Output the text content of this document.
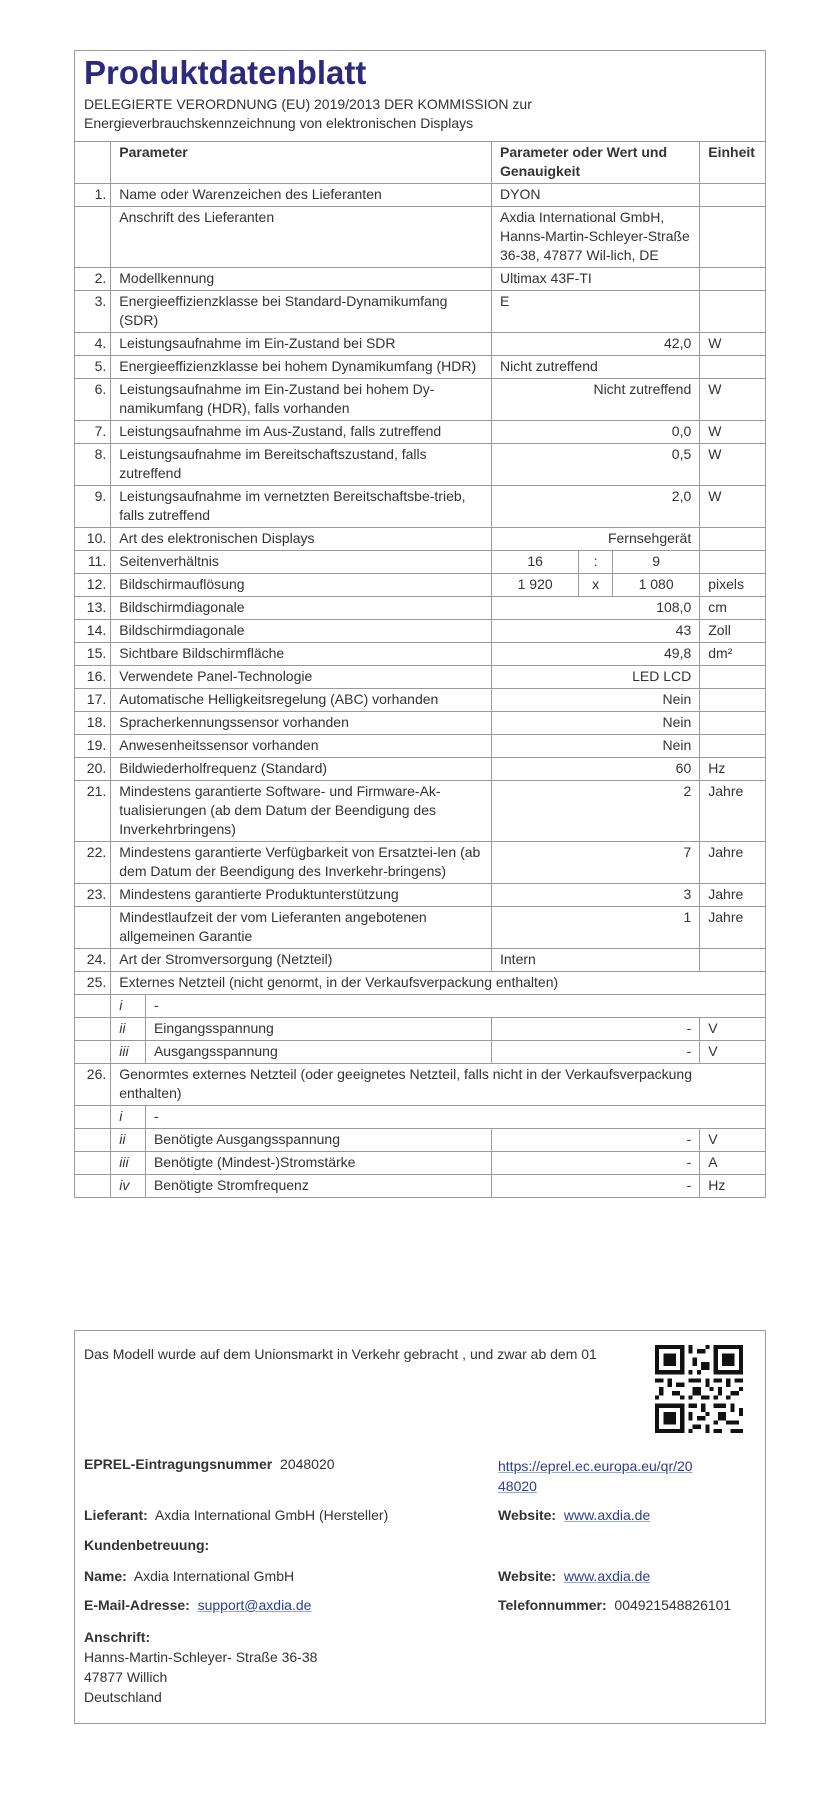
Produktdatenblatt
DELEGIERTE VERORDNUNG (EU) 2019/2013 DER KOMMISSION zur
Energieverbrauchskennzeichnung von elektronischen Displays
	Parameter		Parameter oder Wert und Genauigkeit			Einheit
1.	Name oder Warenzeichen des Lieferanten		DYON			
	Anschrift des Lieferanten		Axdia International GmbH, Hanns-Martin-Schleyer-Straße 36-38, 47877 Wil-lich, DE			
2.	Modellkennung		Ultimax 43F-TI			
3.	Energieeffizienzklasse bei Standard-Dynamikumfang (SDR)		E			
4.	Leistungsaufnahme im Ein-Zustand bei SDR		42,0			W
5.	Energieeffizienzklasse bei hohem Dynamikumfang (HDR)		Nicht zutreffend			
6.	Leistungsaufnahme im Ein-Zustand bei hohem Dy-namikumfang (HDR), falls vorhanden		Nicht zutreffend			W
7.	Leistungsaufnahme im Aus-Zustand, falls zutreffend		0,0			W
8.	Leistungsaufnahme im Bereitschaftszustand, falls zutreffend		0,5			W
9.	Leistungsaufnahme im vernetzten Bereitschaftsbe-trieb, falls zutreffend		2,0			W
10.	Art des elektronischen Displays		Fernsehgerät			
11.	Seitenverhältnis		16	:	9	
12.	Bildschirmauflösung		1 920	x	1 080	pixels
13.	Bildschirmdiagonale		108,0			cm
14.	Bildschirmdiagonale		43			Zoll
15.	Sichtbare Bildschirmfläche		49,8			dm²
16.	Verwendete Panel-Technologie		LED LCD			
17.	Automatische Helligkeitsregelung (ABC) vorhanden		Nein			
18.	Spracherkennungssensor vorhanden		Nein			
19.	Anwesenheitssensor vorhanden		Nein			
20.	Bildwiederholfrequenz (Standard)		60			Hz
21.	Mindestens garantierte Software- und Firmware-Ak-tualisierungen (ab dem Datum der Beendigung des Inverkehrbringens)		2			Jahre
22.	Mindestens garantierte Verfügbarkeit von Ersatztei-len (ab dem Datum der Beendigung des Inverkehr-bringens)		7			Jahre
23.	Mindestens garantierte Produktunterstützung		3			Jahre
	Mindestlaufzeit der vom Lieferanten angebotenen allgemeinen Garantie		1			Jahre
24.	Art der Stromversorgung (Netzteil)		Intern			
25.	Externes Netzteil (nicht genormt, in der Verkaufsverpackung enthalten)					
	i	-				
	ii	Eingangsspannung	-			V
	iii	Ausgangsspannung	-			V
26.	Genormtes externes Netzteil (oder geeignetes Netzteil, falls nicht in der Verkaufsverpackung enthalten)					
	i	-				
	ii	Benötigte Ausgangsspannung	-			V
	iii	Benötigte (Mindest-)Stromstärke	-			A
	iv	Benötigte Stromfrequenz	-			Hz
Das Modell wurde auf dem Unionsmarkt in Verkehr gebracht , und zwar ab dem 01
EPREL-Eintragungsnummer 2048020	https://eprel.ec.europa.eu/qr/20
48020
Lieferant: Axdia International GmbH (Hersteller)	Website: www.axdia.de
Kundenbetreuung:
Name: Axdia International GmbH	Website: www.axdia.de
E-Mail-Adresse: support@axdia.de	Telefonnummer: 004921548826101
Anschrift:
Hanns-Martin-Schleyer- Straße 36-38
47877 Willich
Deutschland
